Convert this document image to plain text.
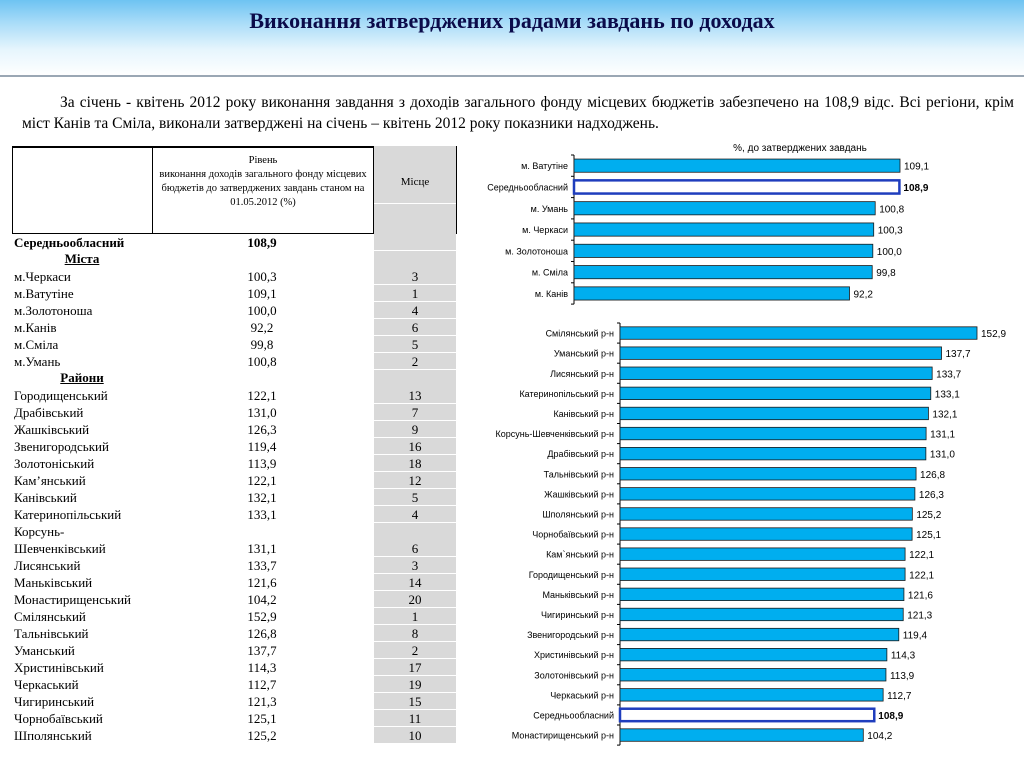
Виконання затверджених радами завдань по доходах
За січень - квітень 2012 року виконання завдання з доходів загального фонду місцевих бюджетів забезпечено на 108,9 відс. Всі регіони, крім міст Канів та Сміла, виконали затверджені на січень – квітень 2012 року показники надходжень.
Рівень
виконання доходів загального фонду місцевих бюджетів до затверджених завдань станом на 01.05.2012 (%)
Місце
Середньообласний	108,9
Міста
м.Черкаси	100,3	3
м.Ватутіне	109,1	1
м.Золотоноша	100,0	4
м.Канів	92,2	6
м.Сміла	99,8	5
м.Умань	100,8	2
Райони
Городищенський	122,1	13
Драбівський	131,0	7
Жашківський	126,3	9
Звенигородський	119,4	16
Золотоніський	113,9	18
Кам’янський	122,1	12
Канівський	132,1	5
Катеринопільський	133,1	4
Корсунь-
Шевченківський	131,1	6
Лисянський	133,7	3
Маньківський	121,6	14
Монастирищенський	104,2	20
Смілянський	152,9	1
Тальнівський	126,8	8
Уманський	137,7	2
Христинівський	114,3	17
Черкаський	112,7	19
Чигиринський	121,3	15
Чорнобаївський	125,1	11
Шполянський	125,2	10
%, до затверджених завдань
м. Ватутіне	109,1
Середньообласний	108,9
м. Умань	100,8
м. Черкаси	100,3
м. Золотоноша	100,0
м. Сміла	99,8
м. Канів	92,2
Смілянський р-н	152,9
Уманський р-н	137,7
Лисянський р-н	133,7
Катеринопільський р-н	133,1
Канівський р-н	132,1
Корсунь-Шевченківський р-н	131,1
Драбівський р-н	131,0
Тальнівський р-н	126,8
Жашківський р-н	126,3
Шполянський р-н	125,2
Чорнобаївський р-н	125,1
Кам`янський р-н	122,1
Городищенський р-н	122,1
Маньківський р-н	121,6
Чигиринський р-н	121,3
Звенигородський р-н	119,4
Христинівський р-н	114,3
Золотонівський р-н	113,9
Черкаський р-н	112,7
Середньообласний	108,9
Монастирищенський р-н	104,2
